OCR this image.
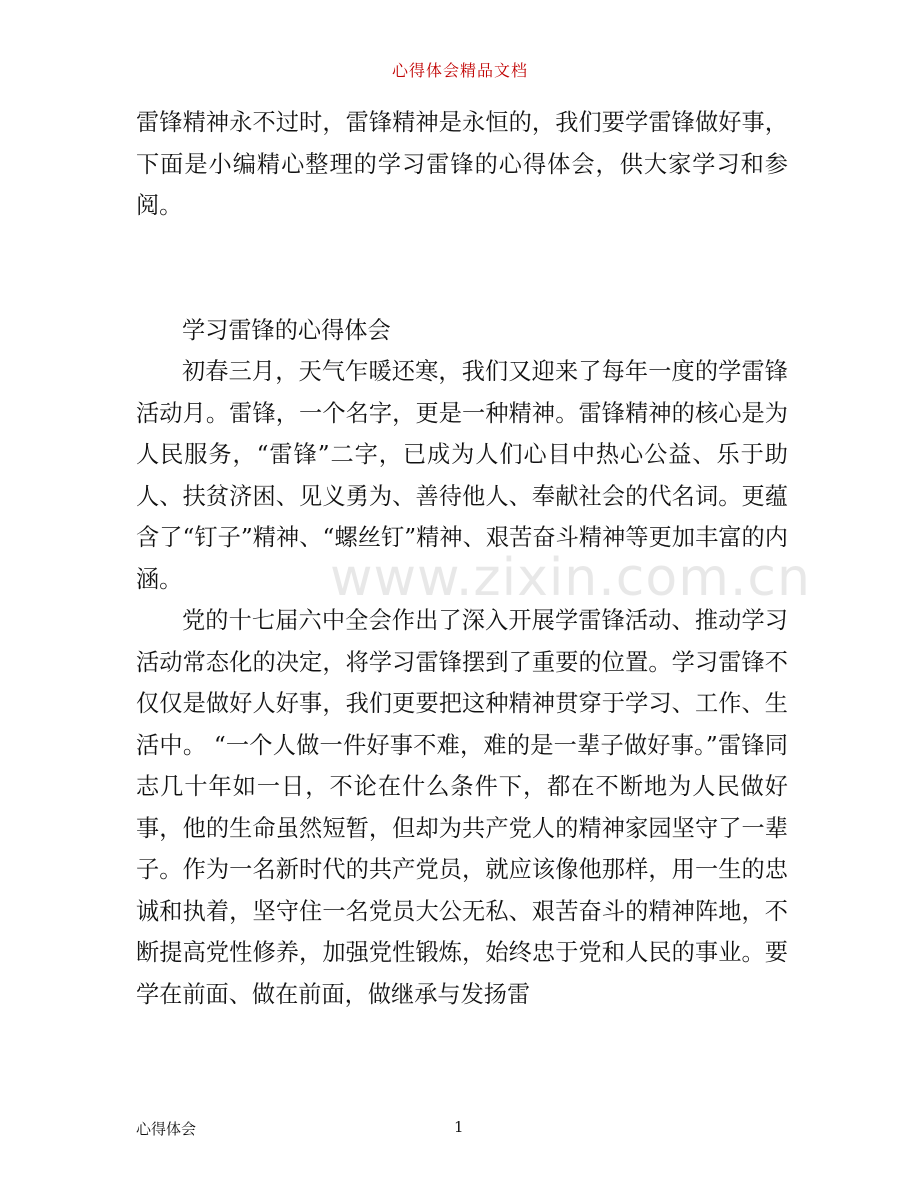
心得体会精品文档

雷锋精神永不过时，雷锋精神是永恒的，我们要学雷锋做好事，下面是小编精心整理的学习雷锋的心得体会，供大家学习和参阅。

学习雷锋的心得体会

初春三月，天气乍暖还寒，我们又迎来了每年一度的学雷锋活动月。雷锋，一个名字，更是一种精神。雷锋精神的核心是为人民服务，“雷锋”二字，已成为人们心目中热心公益、乐于助人、扶贫济困、见义勇为、善待他人、奉献社会的代名词。更蕴含了“钉子”精神、“螺丝钉”精神、艰苦奋斗精神等更加丰富的内涵。

党的十七届六中全会作出了深入开展学雷锋活动、推动学习活动常态化的决定，将学习雷锋摆到了重要的位置。学习雷锋不仅仅是做好人好事，我们更要把这种精神贯穿于学习、工作、生活中。 “一个人做一件好事不难，难的是一辈子做好事。”雷锋同志几十年如一日，不论在什么条件下，都在不断地为人民做好事，他的生命虽然短暂，但却为共产党人的精神家园坚守了一辈子。作为一名新时代的共产党员，就应该像他那样，用一生的忠诚和执着，坚守住一名党员大公无私、艰苦奋斗的精神阵地，不断提高党性修养，加强党性锻炼，始终忠于党和人民的事业。要学在前面、做在前面，做继承与发扬雷

www.zixin.com.cn
心得体会	1
